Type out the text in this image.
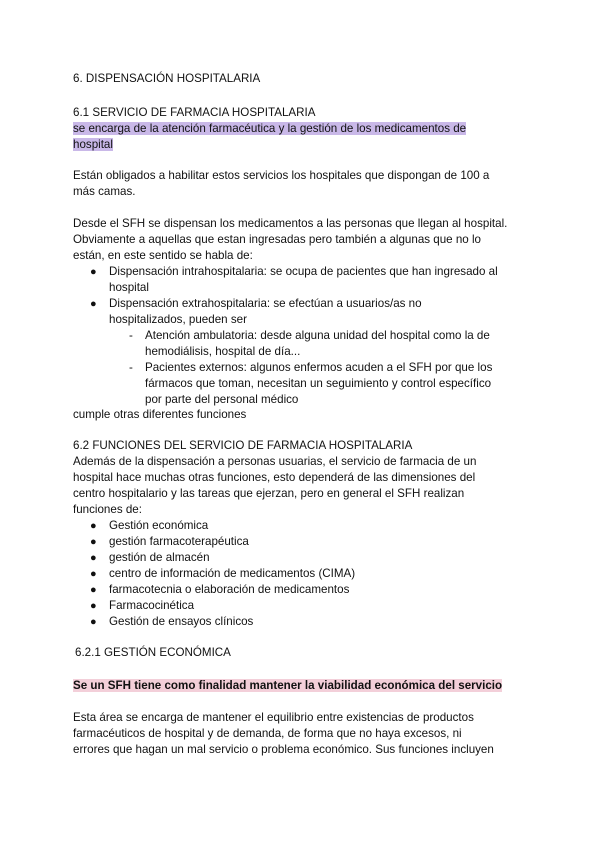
6. DISPENSACIÓN HOSPITALARIA
6.1 SERVICIO DE FARMACIA HOSPITALARIA
se encarga de la atención farmacéutica y la gestión de los medicamentos de
hospital
Están obligados a habilitar estos servicios los hospitales que dispongan de 100 a
más camas.
Desde el SFH se dispensan los medicamentos a las personas que llegan al hospital.
Obviamente a aquellas que estan ingresadas pero también a algunas que no lo
están, en este sentido se habla de:
● Dispensación intrahospitalaria: se ocupa de pacientes que han ingresado al
hospital
● Dispensación extrahospitalaria: se efectúan a usuarios/as no
hospitalizados, pueden ser
- Atención ambulatoria: desde alguna unidad del hospital como la de
hemodiálisis, hospital de día...
- Pacientes externos: algunos enfermos acuden a el SFH por que los
fármacos que toman, necesitan un seguimiento y control específico
por parte del personal médico
cumple otras diferentes funciones
6.2 FUNCIONES DEL SERVICIO DE FARMACIA HOSPITALARIA
Además de la dispensación a personas usuarias, el servicio de farmacia de un
hospital hace muchas otras funciones, esto dependerá de las dimensiones del
centro hospitalario y las tareas que ejerzan, pero en general el SFH realizan
funciones de:
● Gestión económica
● gestión farmacoterapéutica
● gestión de almacén
● centro de información de medicamentos (CIMA)
● farmacotecnia o elaboración de medicamentos
● Farmacocinética
● Gestión de ensayos clínicos
6.2.1 GESTIÓN ECONÓMICA
Se un SFH tiene como finalidad mantener la viabilidad económica del servicio
Esta área se encarga de mantener el equilibrio entre existencias de productos
farmacéuticos de hospital y de demanda, de forma que no haya excesos, ni
errores que hagan un mal servicio o problema económico. Sus funciones incluyen
